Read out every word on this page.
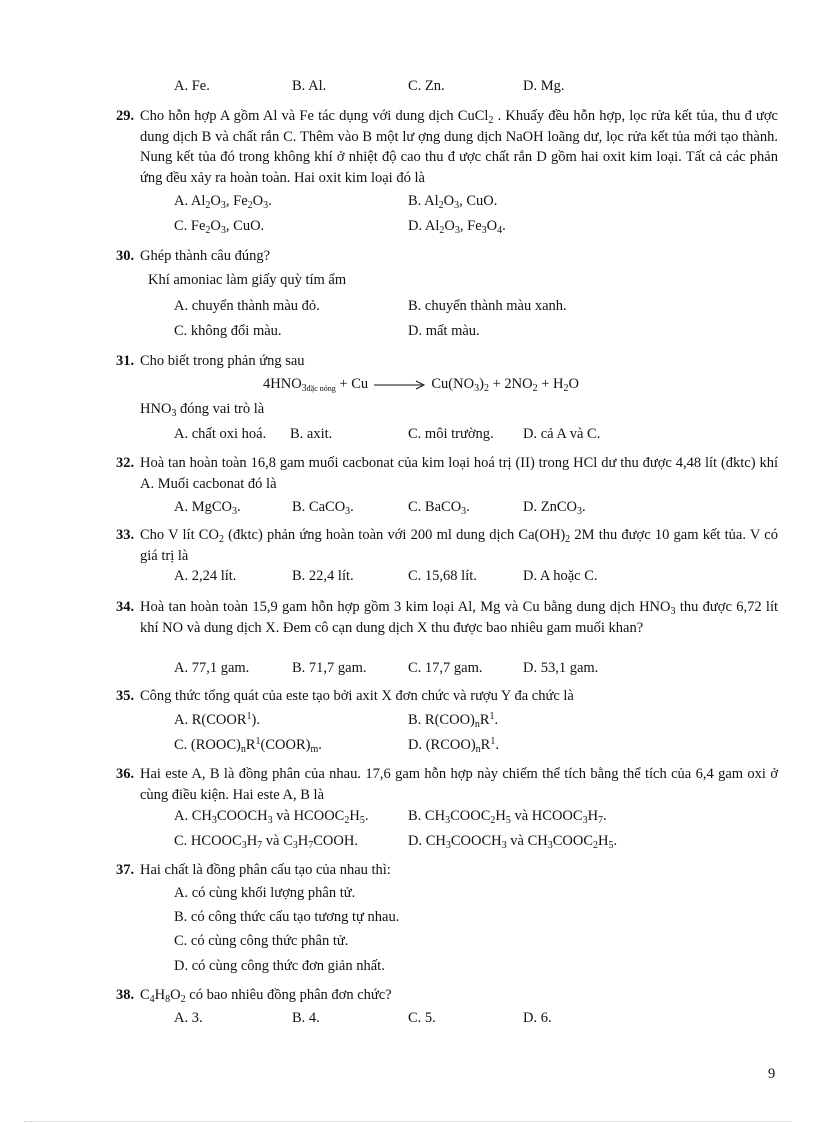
A. Fe.	B. Al.	C. Zn.	D. Mg.
29. Cho hỗn hợp A gồm Al và Fe tác dụng với dung dịch CuCl$_2$ . Khuấy đều hỗn hợp, lọc rửa kết tủa, thu đ ược dung dịch B và chất rắn C. Thêm vào B một lư ợng dung dịch NaOH loãng dư, lọc rửa kết tủa mới tạo thành. Nung kết tủa đó trong không khí ở nhiệt độ cao thu đ ược chất rắn D gồm hai oxit kim loại. Tất cả các phản ứng đều xảy ra hoàn toàn. Hai oxit kim loại đó là
A. $Al_2O_3$, $Fe_2O_3$.	B. $Al_2O_3$, CuO.
C. $Fe_2O_3$, CuO.	D. $Al_2O_3$, $Fe_3O_4$.
30. Ghép thành câu đúng?
Khí amoniac làm giấy quỳ tím ẩm
A. chuyển thành màu đỏ.	B. chuyển thành màu xanh.
C. không đổi màu.	D. mất màu.
31. Cho biết trong phản ứng sau
$4HNO_{3đặc nóng} + Cu \to Cu(NO_3)_2 + 2NO_2 + H_2O$
$HNO_3$ đóng vai trò là
A. chất oxi hoá. B. axit.	C. môi trường. D. cả A và C.
32. Hoà tan hoàn toàn 16,8 gam muối cacbonat của kim loại hoá trị (II) trong HCl dư thu được 4,48 lít (đktc) khí A. Muối cacbonat đó là
A. MgCO$_3$.	B. CaCO$_3$.	C. BaCO$_3$.	D. ZnCO$_3$.
33. Cho V lít $CO_2$ (đktc) phản ứng hoàn toàn với 200 ml dung dịch $Ca(OH)_2$ 2M thu được 10 gam kết tủa. V có giá trị là
A. 2,24 lít.	B. 22,4 lít.	C. 15,68 lít.	D. A hoặc C.
34. Hoà tan hoàn toàn 15,9 gam hỗn hợp gồm 3 kim loại Al, Mg và Cu bằng dung dịch $HNO_3$ thu được 6,72 lít khí NO và dung dịch X. Đem cô cạn dung dịch X thu được bao nhiêu gam muối khan?
A. 77,1 gam.	B. 71,7 gam.	C. 17,7 gam.	D. 53,1 gam.
35. Công thức tổng quát của este tạo bởi axit X đơn chức và rượu Y đa chức là
A. R(COOR$^1$).	B. $R(COO)_nR^1$.
C. $(ROOC)_nR^1(COOR)_m$.	D. $(RCOO)_nR^1$.
36. Hai este A, B là đồng phân của nhau. 17,6 gam hỗn hợp này chiếm thể tích bằng thể tích của 6,4 gam oxi ở cùng điều kiện. Hai este A, B là
A. $CH_3COOCH_3$ và $HCOOC_2H_5$.	B. $CH_3COOC_2H_5$ và $HCOOC_3H_7$.
C. $HCOOC_3H_7$ và $C_3H_7COOH$.	D. $CH_3COOCH_3$ và $CH_3COOC_2H_5$.
37. Hai chất là đồng phân cấu tạo của nhau thì:
A. có cùng khối lượng phân tử.
B. có công thức cấu tạo tương tự nhau.
C. có cùng công thức phân tử.
D. có cùng công thức đơn giản nhất.
38. $C_4H_8O_2$ có bao nhiêu đồng phân đơn chức?
A. 3.	B. 4.	C. 5.	D. 6.
9
